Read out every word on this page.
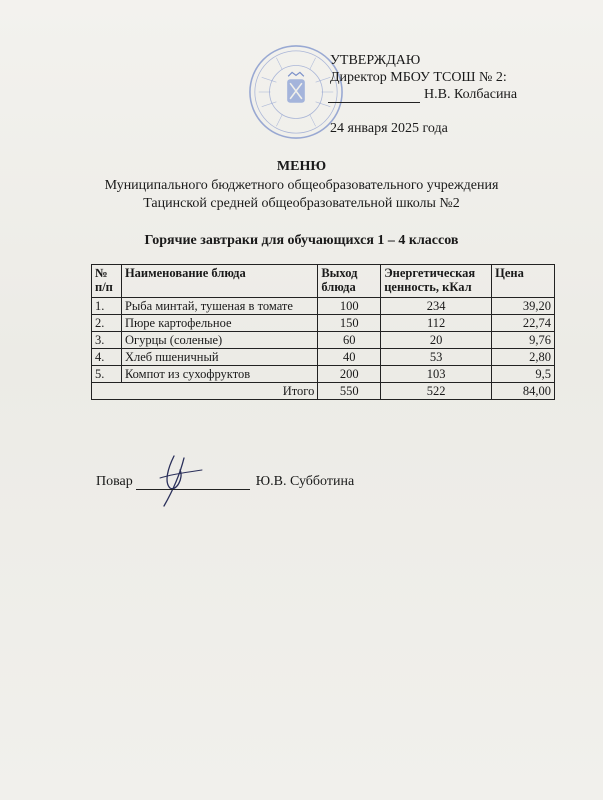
УТВЕРЖДАЮ
Директор МБОУ ТСОШ № 2:
Н.В. Колбасина
24 января 2025 года
МЕНЮ
Муниципального бюджетного общеобразовательного учреждения
Тацинской средней общеобразовательной школы №2
Горячие завтраки для обучающихся 1 – 4 классов
№ п/п	Наименование блюда	Выход блюда	Энергетическая ценность, кКал	Цена
1.	Рыба минтай, тушеная в томате	100	234	39,20
2.	Пюре картофельное	150	112	22,74
3.	Огурцы (соленые)	60	20	9,76
4.	Хлеб пшеничный	40	53	2,80
5.	Компот из сухофруктов	200	103	9,5
Итого		550	522	84,00
Повар	Ю.В. Субботина
